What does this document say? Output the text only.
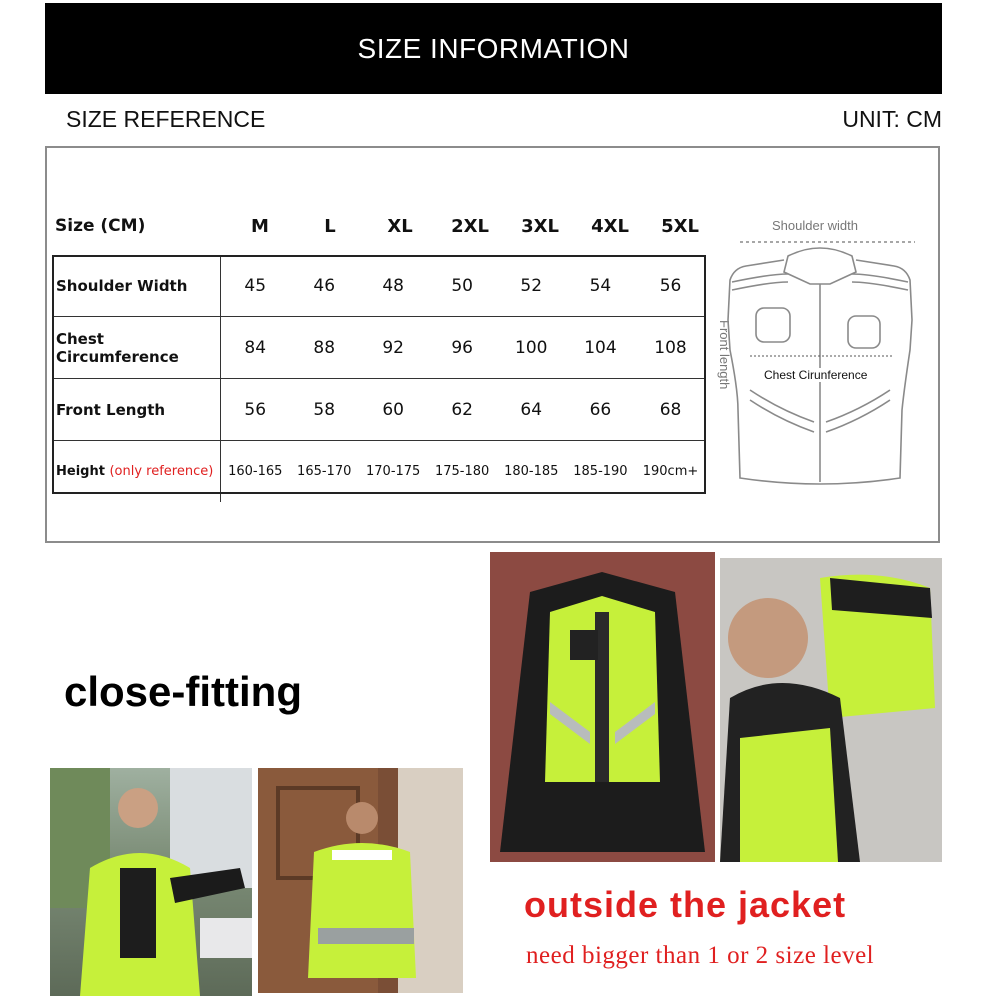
SIZE INFORMATION
SIZE REFERENCE	UNIT: CM
Size (CM)	M	L	XL	2XL	3XL	4XL	5XL
Shoulder Width	45	46	48	50	52	54	56
Chest Circumference	84	88	92	96	100	104	108
Front Length	56	58	60	62	64	66	68
Height (only reference)	160-165	165-170	170-175	175-180	180-185	185-190	190cm+
Shoulder width
Front length	Chest Cirunference
close-fitting
outside the jacket
need bigger than 1 or 2 size level
